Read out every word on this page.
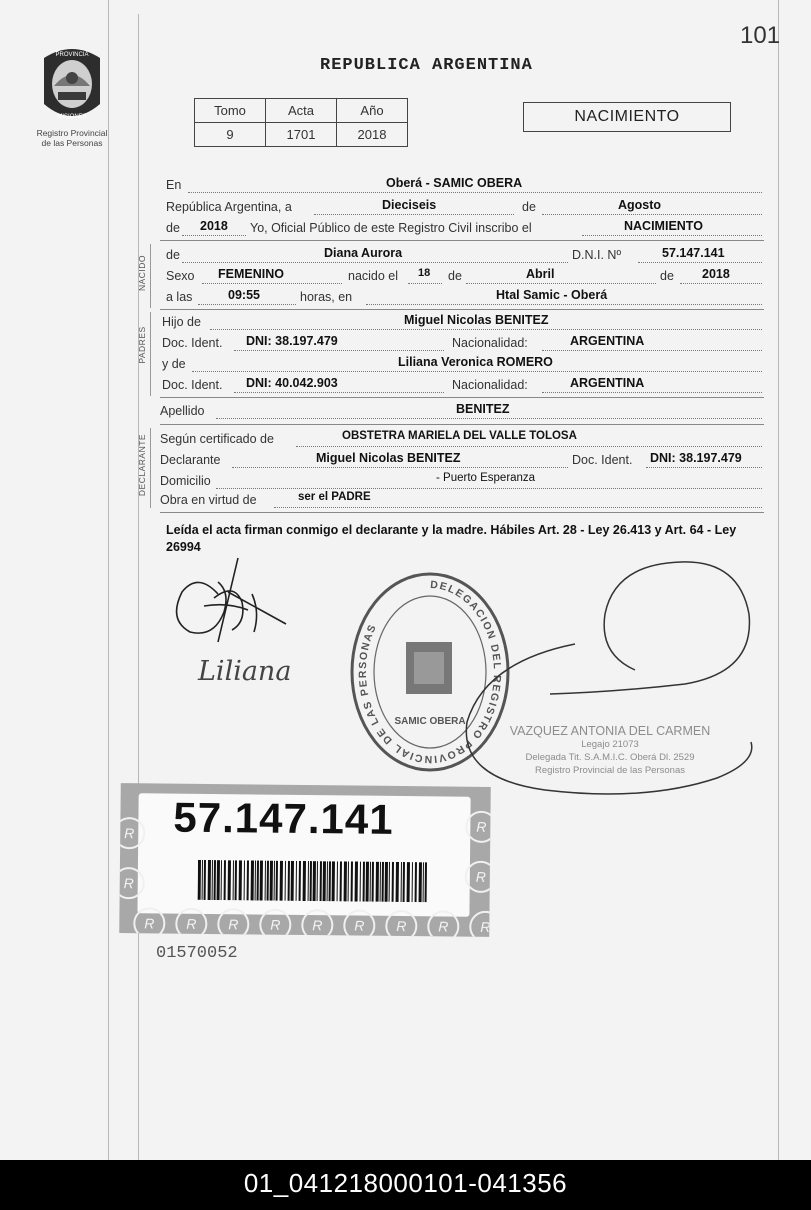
101
REPUBLICA ARGENTINA
PROVINCIA
MISIONES
Registro Provincial
de las Personas
Tomo	Acta	Año
9	1701	2018
NACIMIENTO
En	Oberá - SAMIC OBERA
República Argentina, a	Dieciseis	de	Agosto
de 2018 Yo, Oficial Público de este Registro Civil inscribo el	NACIMIENTO
NACIDO de	Diana Aurora	D.N.I. Nº	57.147.141
Sexo FEMENINO	nacido el 18 de	Abril	de 2018
a las	09:55	horas, en	Htal Samic - Oberá
PADRES
Hijo de	Miguel Nicolas BENITEZ
Doc. Ident. DNI: 38.197.479	Nacionalidad:	ARGENTINA
y de	Liliana Veronica ROMERO
Doc. Ident. DNI: 40.042.903	Nacionalidad:	ARGENTINA
Apellido	BENITEZ
DECLARANTE Según certificado de	OBSTETRA MARIELA DEL VALLE TOLOSA
Declarante	Miguel Nicolas BENITEZ	Doc. Ident. DNI: 38.197.479
Domicilio	- Puerto Esperanza
Obra en virtud de	ser el PADRE
Leída el acta firman conmigo el declarante y la madre. Hábiles Art. 28 - Ley 26.413 y Art. 64 - Ley 26994
Liliana
DELEGACION DEL REGISTRO PROVINCIAL DE LAS PERSONAS
SAMIC OBERA
VAZQUEZ ANTONIA DEL CARMEN
Legajo 21073
Delegada Tit. S.A.M.I.C. Oberá Dl. 2529
Registro Provincial de las Personas
57.147.141
R R R R R R R R R
R
R
R
R
01570052
01_041218000101-041356
